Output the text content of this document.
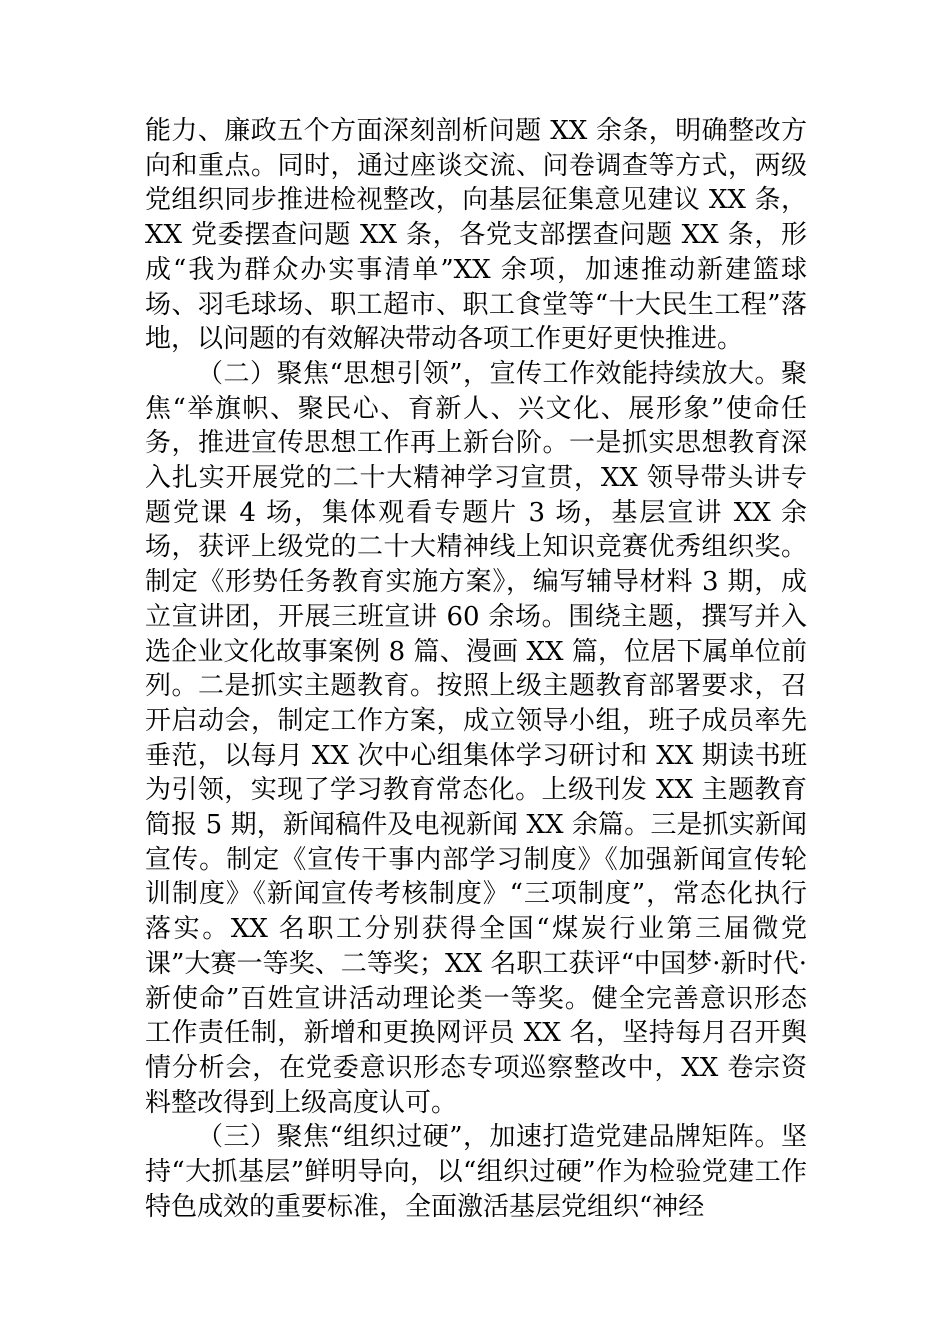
能力、廉政五个方面深刻剖析问题 XX 余条，明确整改方向和重点。同时，通过座谈交流、问卷调查等方式，两级党组织同步推进检视整改，向基层征集意见建议 XX 条，XX 党委摆查问题 XX 条，各党支部摆查问题 XX 条，形成“我为群众办实事清单”XX 余项，加速推动新建篮球场、羽毛球场、职工超市、职工食堂等“十大民生工程”落地，以问题的有效解决带动各项工作更好更快推进。

（二）聚焦“思想引领”，宣传工作效能持续放大。聚焦“举旗帜、聚民心、育新人、兴文化、展形象”使命任务，推进宣传思想工作再上新台阶。一是抓实思想教育深入扎实开展党的二十大精神学习宣贯，XX 领导带头讲专题党课 4 场，集体观看专题片 3 场，基层宣讲 XX 余场，获评上级党的二十大精神线上知识竞赛优秀组织奖。制定《形势任务教育实施方案》，编写辅导材料 3 期，成立宣讲团，开展三班宣讲 60 余场。围绕主题，撰写并入选企业文化故事案例 8 篇、漫画 XX 篇，位居下属单位前列。二是抓实主题教育。按照上级主题教育部署要求，召开启动会，制定工作方案，成立领导小组，班子成员率先垂范，以每月 XX 次中心组集体学习研讨和 XX 期读书班为引领，实现了学习教育常态化。上级刊发 XX 主题教育简报 5 期，新闻稿件及电视新闻 XX 余篇。三是抓实新闻宣传。制定《宣传干事内部学习制度》《加强新闻宣传轮训制度》《新闻宣传考核制度》“三项制度”，常态化执行落实。XX 名职工分别获得全国“煤炭行业第三届微党课”大赛一等奖、二等奖；XX 名职工获评“中国梦·新时代·新使命”百姓宣讲活动理论类一等奖。健全完善意识形态工作责任制，新增和更换网评员 XX 名，坚持每月召开舆情分析会，在党委意识形态专项巡察整改中，XX 卷宗资料整改得到上级高度认可。

（三）聚焦“组织过硬”，加速打造党建品牌矩阵。坚持“大抓基层”鲜明导向，以“组织过硬”作为检验党建工作特色成效的重要标准，全面激活基层党组织“神经
